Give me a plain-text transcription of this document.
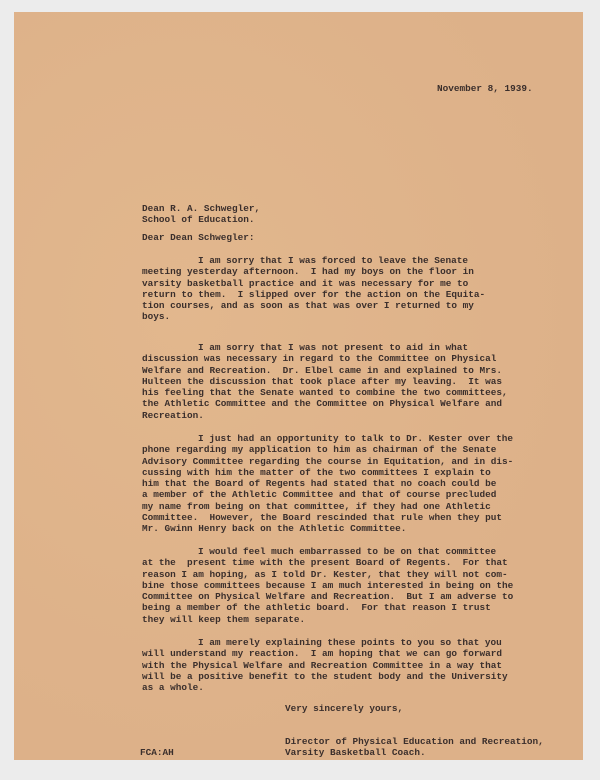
November 8, 1939.
Dean R. A. Schwegler,
School of Education.
Dear Dean Schwegler:
I am sorry that I was forced to leave the Senate
meeting yesterday afternoon.  I had my boys on the floor in
varsity basketball practice and it was necessary for me to
return to them.  I slipped over for the action on the Equita-
tion courses, and as soon as that was over I returned to my
boys.
I am sorry that I was not present to aid in what
discussion was necessary in regard to the Committee on Physical
Welfare and Recreation.  Dr. Elbel came in and explained to Mrs.
Hulteen the discussion that took place after my leaving.  It was
his feeling that the Senate wanted to combine the two committees,
the Athletic Committee and the Committee on Physical Welfare and
Recreation.
I just had an opportunity to talk to Dr. Kester over the
phone regarding my application to him as chairman of the Senate
Advisory Committee regarding the course in Equitation, and in dis-
cussing with him the matter of the two committees I explain to
him that the Board of Regents had stated that no coach could be
a member of the Athletic Committee and that of course precluded
my name from being on that committee, if they had one Athletic
Committee.  However, the Board rescinded that rule when they put
Mr. Gwinn Henry back on the Athletic Committee.
I would feel much embarrassed to be on that committee
at the  present time with the present Board of Regents.  For that
reason I am hoping, as I told Dr. Kester, that they will not com-
bine those committees because I am much interested in being on the
Committee on Physical Welfare and Recreation.  But I am adverse to
being a member of the athletic board.  For that reason I trust
they will keep them separate.
I am merely explaining these points to you so that you
will understand my reaction.  I am hoping that we can go forward
with the Physical Welfare and Recreation Committee in a way that
will be a positive benefit to the student body and the University
as a whole.
Very sincerely yours,
Director of Physical Education and Recreation,
Varsity Basketball Coach.
FCA:AH
